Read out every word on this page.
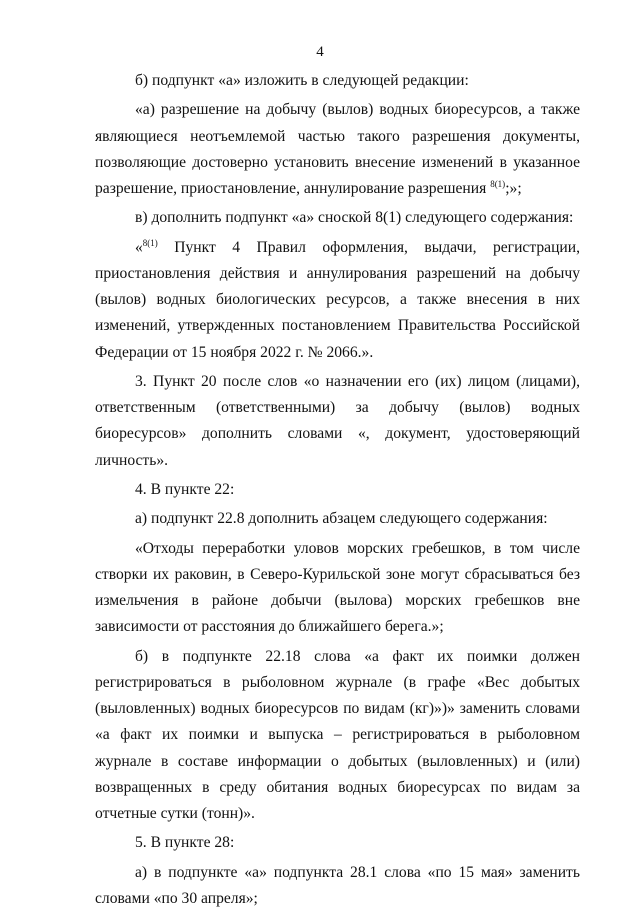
4

б) подпункт «а» изложить в следующей редакции:

«а) разрешение на добычу (вылов) водных биоресурсов, а также являющиеся неотъемлемой частью такого разрешения документы, позволяющие достоверно установить внесение изменений в указанное разрешение, приостановление, аннулирование разрешения $^{8(1)}$;»;

в) дополнить подпункт «а» сноской 8(1) следующего содержания:

«$^{8(1)}$ Пункт 4 Правил оформления, выдачи, регистрации, приостановления действия и аннулирования разрешений на добычу (вылов) водных биологических ресурсов, а также внесения в них изменений, утвержденных постановлением Правительства Российской Федерации от 15 ноября 2022 г. № 2066.».

3. Пункт 20 после слов «о назначении его (их) лицом (лицами), ответственным (ответственными) за добычу (вылов) водных биоресурсов» дополнить словами «, документ, удостоверяющий личность».

4. В пункте 22:

а) подпункт 22.8 дополнить абзацем следующего содержания:

«Отходы переработки уловов морских гребешков, в том числе створки их раковин, в Северо-Курильской зоне могут сбрасываться без измельчения в районе добычи (вылова) морских гребешков вне зависимости от расстояния до ближайшего берега.»;

б) в подпункте 22.18 слова «а факт их поимки должен регистрироваться в рыболовном журнале (в графе «Вес добытых (выловленных) водных биоресурсов по видам (кг)»)» заменить словами «а факт их поимки и выпуска – регистрироваться в рыболовном журнале в составе информации о добытых (выловленных) и (или) возвращенных в среду обитания водных биоресурсах по видам за отчетные сутки (тонн)».

5. В пункте 28:

а) в подпункте «а» подпункта 28.1 слова «по 15 мая» заменить словами «по 30 апреля»;
